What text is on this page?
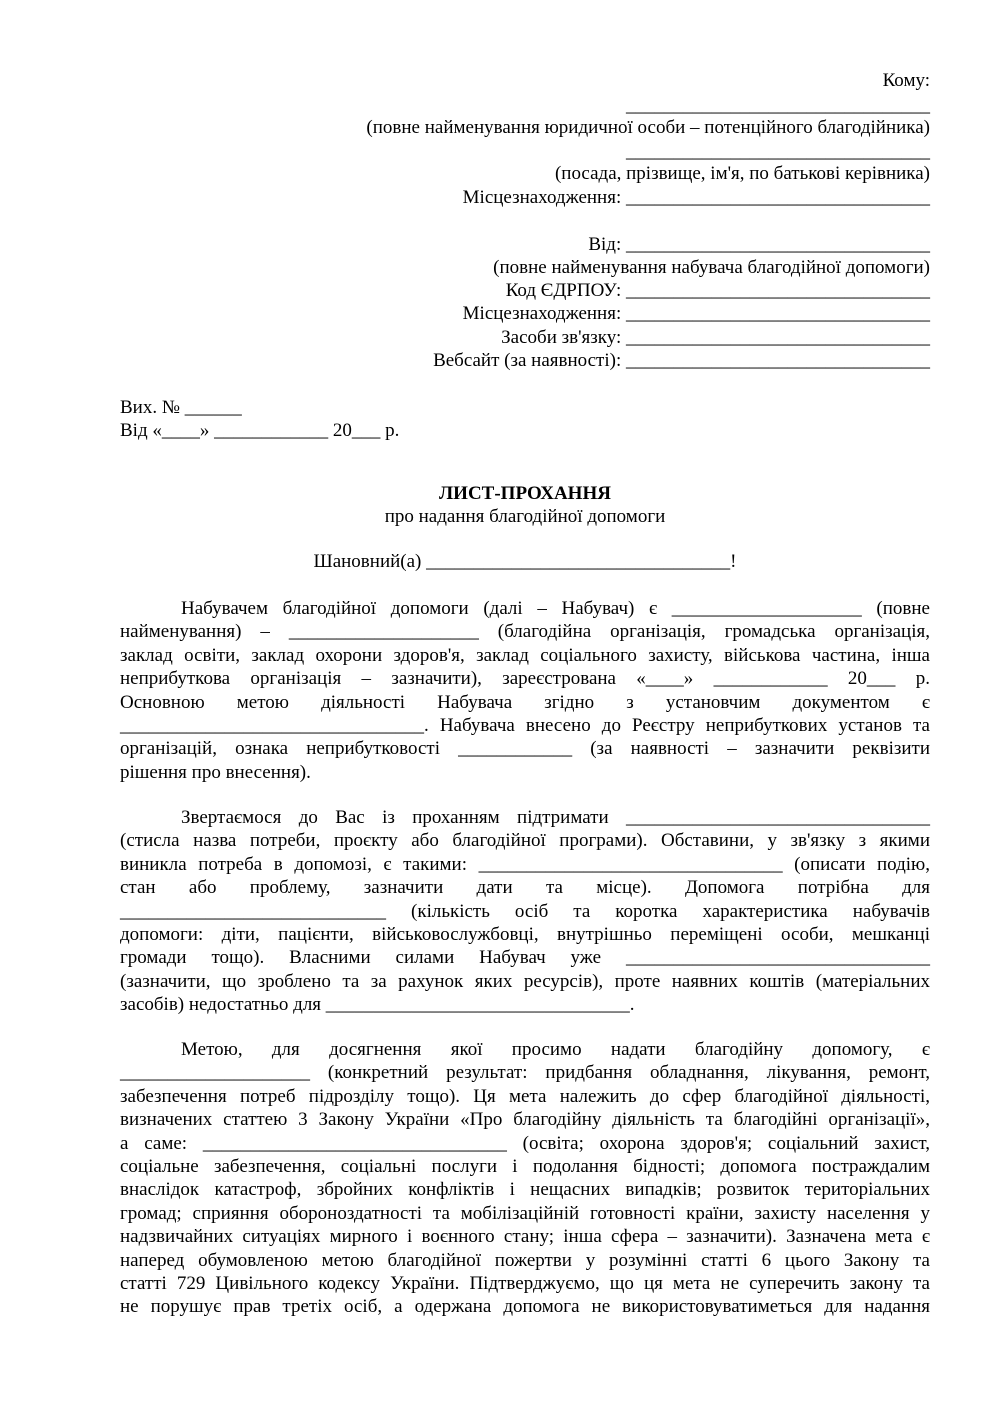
Кому:
________________________________
(повне найменування юридичної особи – потенційного благодійника)
________________________________
(посада, прізвище, ім'я, по батькові керівника)
Місцезнаходження: ________________________________
Від: ________________________________
(повне найменування набувача благодійної допомоги)
Код ЄДРПОУ: ________________________________
Місцезнаходження: ________________________________
Засоби зв'язку: ________________________________
Вебсайт (за наявності): ________________________________
Вих. № ______
Від «____» ____________ 20___ р.
ЛИСТ-ПРОХАННЯ
про надання благодійної допомоги
Шановний(а) ________________________________!
Набувачем благодійної допомоги (далі – Набувач) є ____________________ (повне
найменування) – ____________________ (благодійна організація, громадська організація,
заклад освіти, заклад охорони здоров'я, заклад соціального захисту, військова частина, інша
неприбуткова організація – зазначити), зареєстрована «____» ____________ 20___ р.
Основною метою діяльності Набувача згідно з установчим документом є
________________________________. Набувача внесено до Реєстру неприбуткових установ та
організацій, ознака неприбутковості ____________ (за наявності – зазначити реквізити
рішення про внесення).
Звертаємося до Вас із проханням підтримати ________________________________
(стисла назва потреби, проєкту або благодійної програми). Обставини, у зв'язку з якими
виникла потреба в допомозі, є такими: ________________________________ (описати подію,
стан або проблему, зазначити дати та місце). Допомога потрібна для
____________________________ (кількість осіб та коротка характеристика набувачів
допомоги: діти, пацієнти, військовослужбовці, внутрішньо переміщені особи, мешканці
громади тощо). Власними силами Набувач уже ________________________________
(зазначити, що зроблено та за рахунок яких ресурсів), проте наявних коштів (матеріальних
засобів) недостатньо для ________________________________.
Метою, для досягнення якої просимо надати благодійну допомогу, є
____________________ (конкретний результат: придбання обладнання, лікування, ремонт,
забезпечення потреб підрозділу тощо). Ця мета належить до сфер благодійної діяльності,
визначених статтею 3 Закону України «Про благодійну діяльність та благодійні організації»,
а саме: ________________________________ (освіта; охорона здоров'я; соціальний захист,
соціальне забезпечення, соціальні послуги і подолання бідності; допомога постраждалим
внаслідок катастроф, збройних конфліктів і нещасних випадків; розвиток територіальних
громад; сприяння обороноздатності та мобілізаційній готовності країни, захисту населення у
надзвичайних ситуаціях мирного і воєнного стану; інша сфера – зазначити). Зазначена мета є
наперед обумовленою метою благодійної пожертви у розумінні статті 6 цього Закону та
статті 729 Цивільного кодексу України. Підтверджуємо, що ця мета не суперечить закону та
не порушує прав третіх осіб, а одержана допомога не використовуватиметься для надання
